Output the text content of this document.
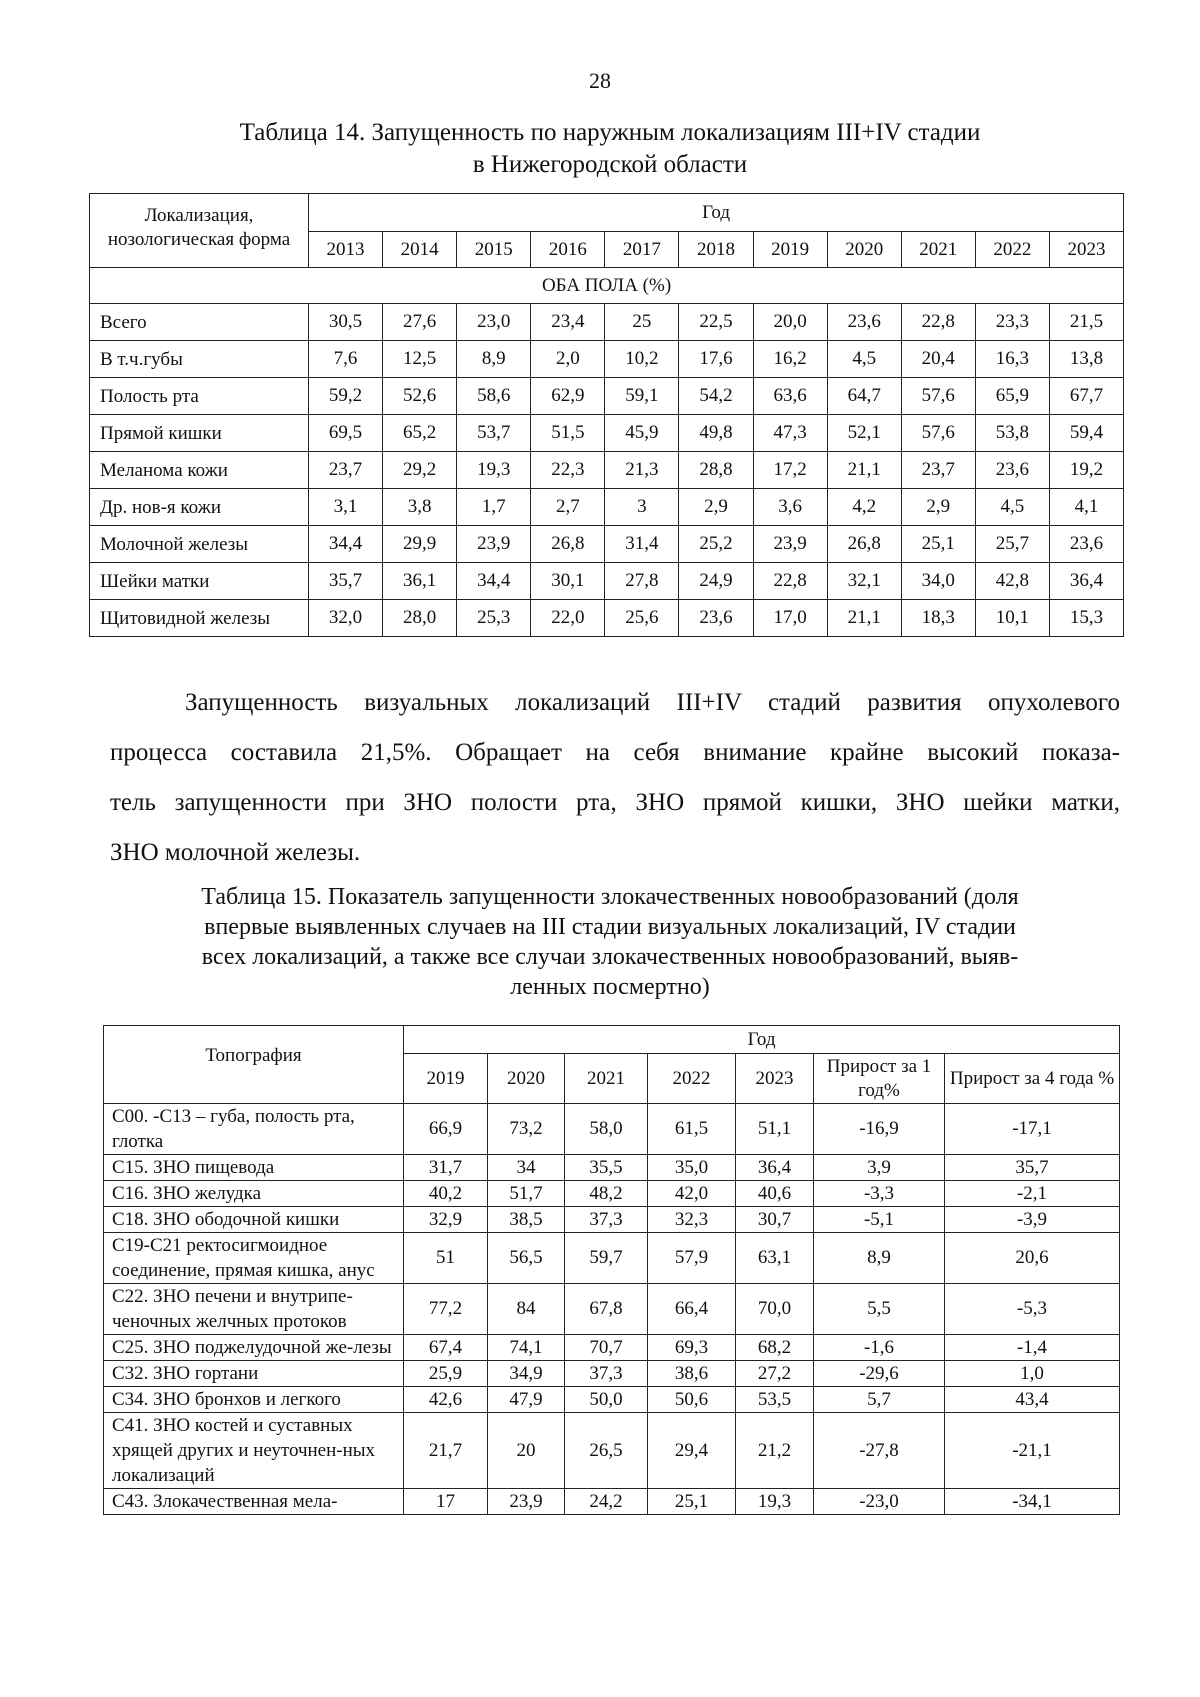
28
Таблица 14. Запущенность по наружным локализациям III+IV стадии
в Нижегородской области
Локализация, нозологическая форма	Год										
	2013	2014	2015	2016	2017	2018	2019	2020	2021	2022	2023
ОБА ПОЛА (%)											
Всего	30,5	27,6	23,0	23,4	25	22,5	20,0	23,6	22,8	23,3	21,5
В т.ч.губы	7,6	12,5	8,9	2,0	10,2	17,6	16,2	4,5	20,4	16,3	13,8
Полость рта	59,2	52,6	58,6	62,9	59,1	54,2	63,6	64,7	57,6	65,9	67,7
Прямой кишки	69,5	65,2	53,7	51,5	45,9	49,8	47,3	52,1	57,6	53,8	59,4
Меланома кожи	23,7	29,2	19,3	22,3	21,3	28,8	17,2	21,1	23,7	23,6	19,2
Др. нов-я кожи	3,1	3,8	1,7	2,7	3	2,9	3,6	4,2	2,9	4,5	4,1
Молочной железы	34,4	29,9	23,9	26,8	31,4	25,2	23,9	26,8	25,1	25,7	23,6
Шейки матки	35,7	36,1	34,4	30,1	27,8	24,9	22,8	32,1	34,0	42,8	36,4
Щитовидной железы	32,0	28,0	25,3	22,0	25,6	23,6	17,0	21,1	18,3	10,1	15,3
Запущенность визуальных локализаций III+IV стадий развития опухолевого
процесса составила 21,5%. Обращает на себя внимание крайне высокий показа-
тель запущенности при ЗНО полости рта, ЗНО прямой кишки, ЗНО шейки матки,
ЗНО молочной железы.
Таблица 15. Показатель запущенности злокачественных новообразований (доля
впервые выявленных случаев на III стадии визуальных локализаций, IV стадии
всех локализаций, а также все случаи злокачественных новообразований, выяв-
ленных посмертно)
Топография	Год						
	2019	2020	2021	2022	2023	Прирост за 1 год%	Прирост за 4 года %
С00. -С13 – губа, полость рта, глотка	66,9	73,2	58,0	61,5	51,1	-16,9	-17,1
С15. ЗНО пищевода	31,7	34	35,5	35,0	36,4	3,9	35,7
С16. ЗНО желудка	40,2	51,7	48,2	42,0	40,6	-3,3	-2,1
С18. ЗНО ободочной кишки	32,9	38,5	37,3	32,3	30,7	-5,1	-3,9
С19-С21 ректосигмоидное соединение, прямая кишка, анус	51	56,5	59,7	57,9	63,1	8,9	20,6
С22. ЗНО печени и внутрипе-ченочных желчных протоков	77,2	84	67,8	66,4	70,0	5,5	-5,3
С25. ЗНО поджелудочной же-лезы	67,4	74,1	70,7	69,3	68,2	-1,6	-1,4
С32. ЗНО гортани	25,9	34,9	37,3	38,6	27,2	-29,6	1,0
С34. ЗНО бронхов и легкого	42,6	47,9	50,0	50,6	53,5	5,7	43,4
С41. ЗНО костей и суставных хрящей других и неуточнен-ных локализаций	21,7	20	26,5	29,4	21,2	-27,8	-21,1
С43. Злокачественная мела-	17	23,9	24,2	25,1	19,3	-23,0	-34,1
